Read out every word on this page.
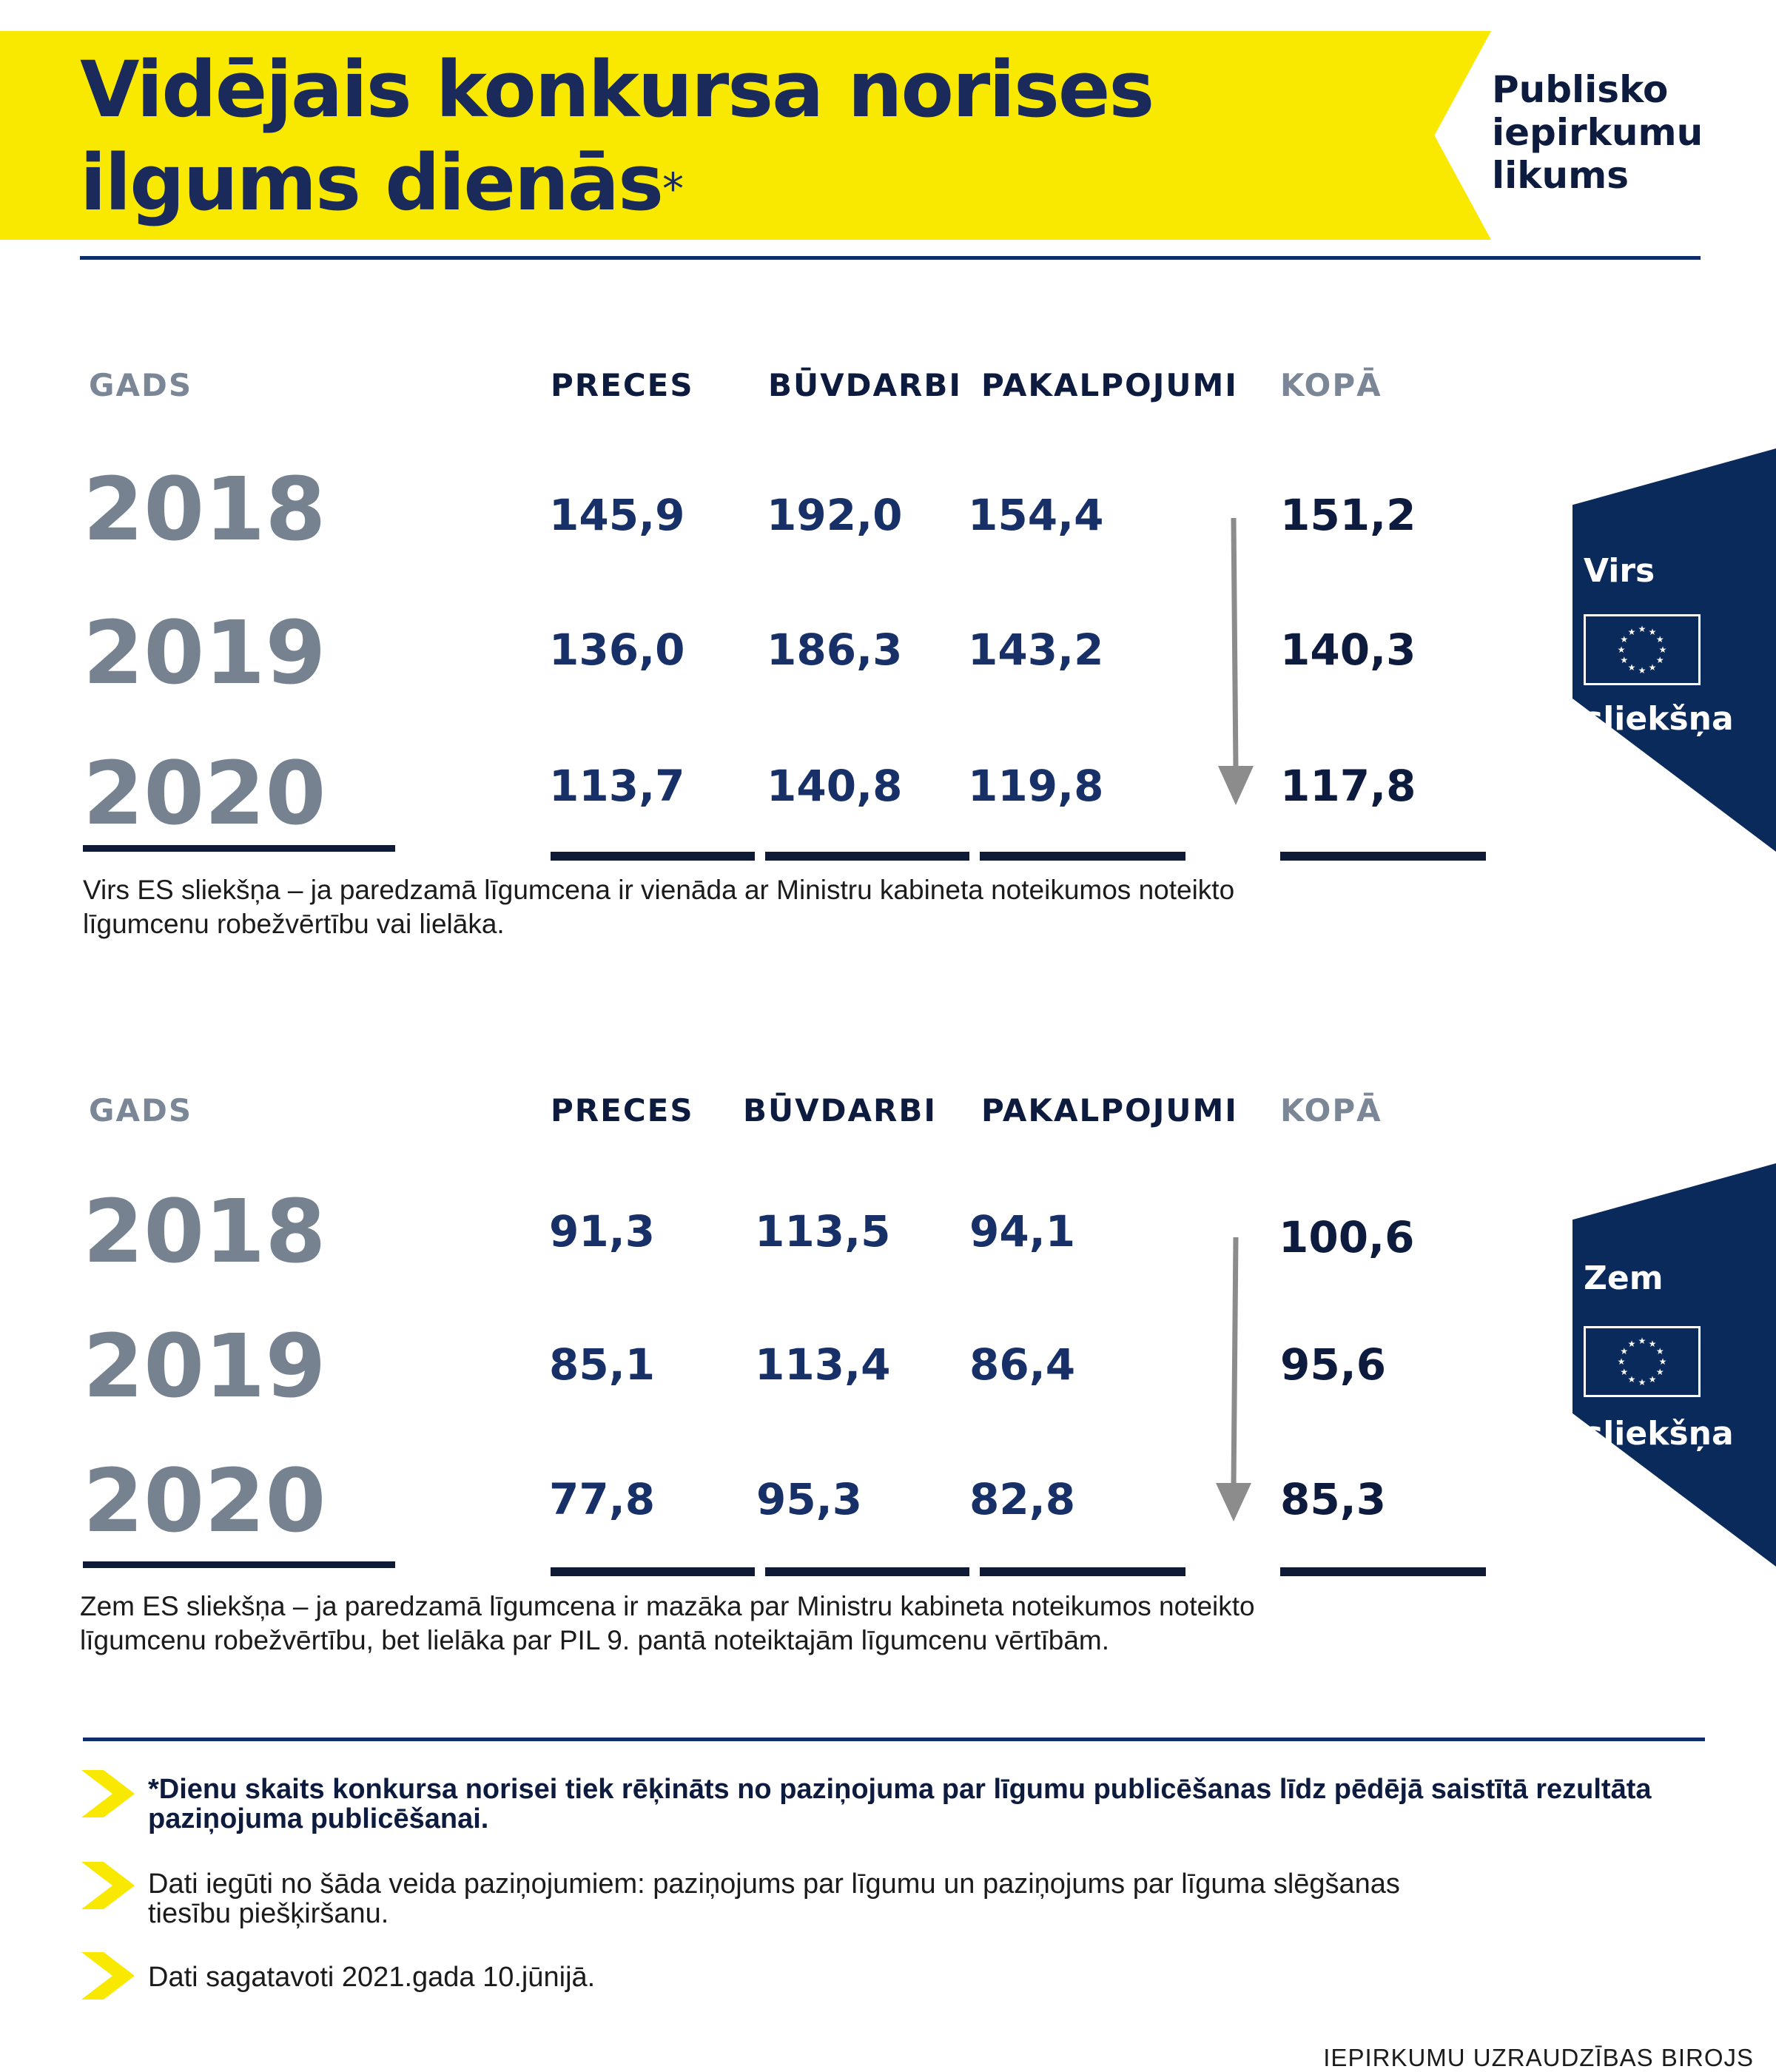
Vidējais konkursa norises ilgums dienās*
Publisko iepirkumu likums
GADS	PRECES BŪVDARBI PAKALPOJUMI KOPĀ
2018	145,9 192,0 154,4	151,2
2019	136,0 186,3 143,2	140,3
2020	113,7 140,8 119,8	117,8
Virs ES sliekšņa – ja paredzamā līgumcena ir vienāda ar Ministru kabineta noteikumos noteikto līgumcenu robežvērtību vai lielāka.
Virs
★ ★
★
★
★
★
★
★
★
★
★
★
sliekšņa
GADS	PRECES BŪVDARBI PAKALPOJUMI KOPĀ
2018	91,3 113,5 94,1	100,6
2019	85,1 113,4 86,4	95,6
2020	77,8 95,3 82,8	85,3
Zem ES sliekšņa – ja paredzamā līgumcena ir mazāka par Ministru kabineta noteikumos noteikto līgumcenu robežvērtību, bet lielāka par PIL 9. pantā noteiktajām līgumcenu vērtībām.
Zem
★ ★
★
★
★
★
★
★
★
★
★
★
sliekšņa
*Dienu skaits konkursa norisei tiek rēķināts no paziņojuma par līgumu publicēšanas līdz pēdējā saistītā rezultāta paziņojuma publicēšanai.
Dati iegūti no šāda veida paziņojumiem: paziņojums par līgumu un paziņojums par līguma slēgšanas tiesību piešķiršanu.
Dati sagatavoti 2021.gada 10.jūnijā.
IEPIRKUMU UZRAUDZĪBAS BIROJS
